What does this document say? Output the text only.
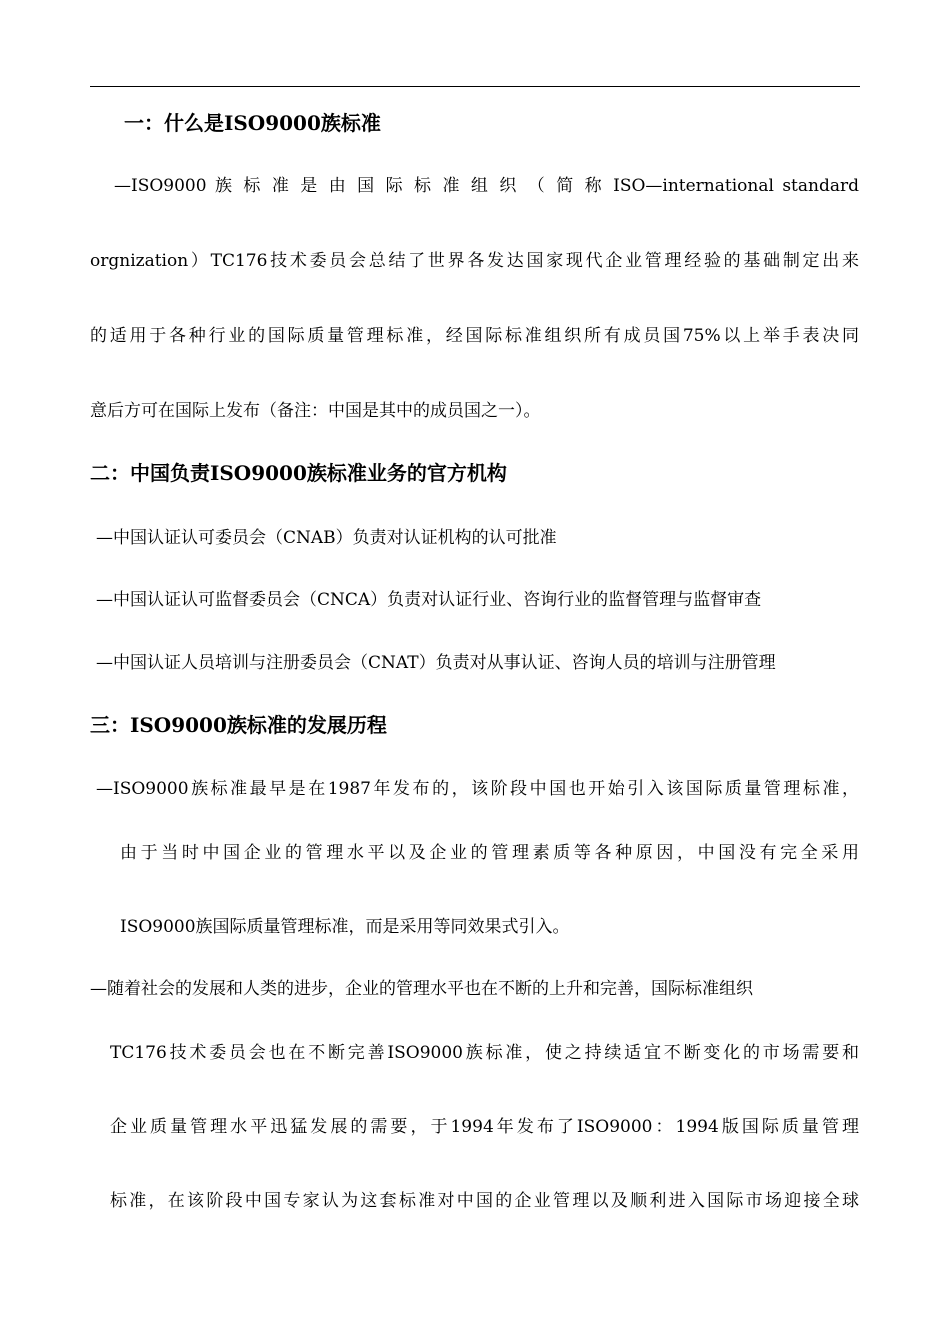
一：什么是ISO9000族标准
—ISO9000 族 标 准 是 由 国 际 标 准 组 织 （ 简 称 ISO—international standard
orgnization）TC176技术委员会总结了世界各发达国家现代企业管理经验的基础制定出来
的适用于各种行业的国际质量管理标准，经国际标准组织所有成员国75%以上举手表决同
意后方可在国际上发布（备注：中国是其中的成员国之一）。
二：中国负责ISO9000族标准业务的官方机构
—中国认证认可委员会（CNAB）负责对认证机构的认可批准
—中国认证认可监督委员会（CNCA）负责对认证行业、咨询行业的监督管理与监督审查
—中国认证人员培训与注册委员会（CNAT）负责对从事认证、咨询人员的培训与注册管理
三：ISO9000族标准的发展历程
—ISO9000族标准最早是在1987年发布的，该阶段中国也开始引入该国际质量管理标准，
由于当时中国企业的管理水平以及企业的管理素质等各种原因，中国没有完全采用
ISO9000族国际质量管理标准，而是采用等同效果式引入。
—随着社会的发展和人类的进步，企业的管理水平也在不断的上升和完善，国际标准组织
TC176技术委员会也在不断完善ISO9000族标准，使之持续适宜不断变化的市场需要和
企业质量管理水平迅猛发展的需要，于1994年发布了ISO9000：1994版国际质量管理
标准，在该阶段中国专家认为这套标准对中国的企业管理以及顺利进入国际市场迎接全球
